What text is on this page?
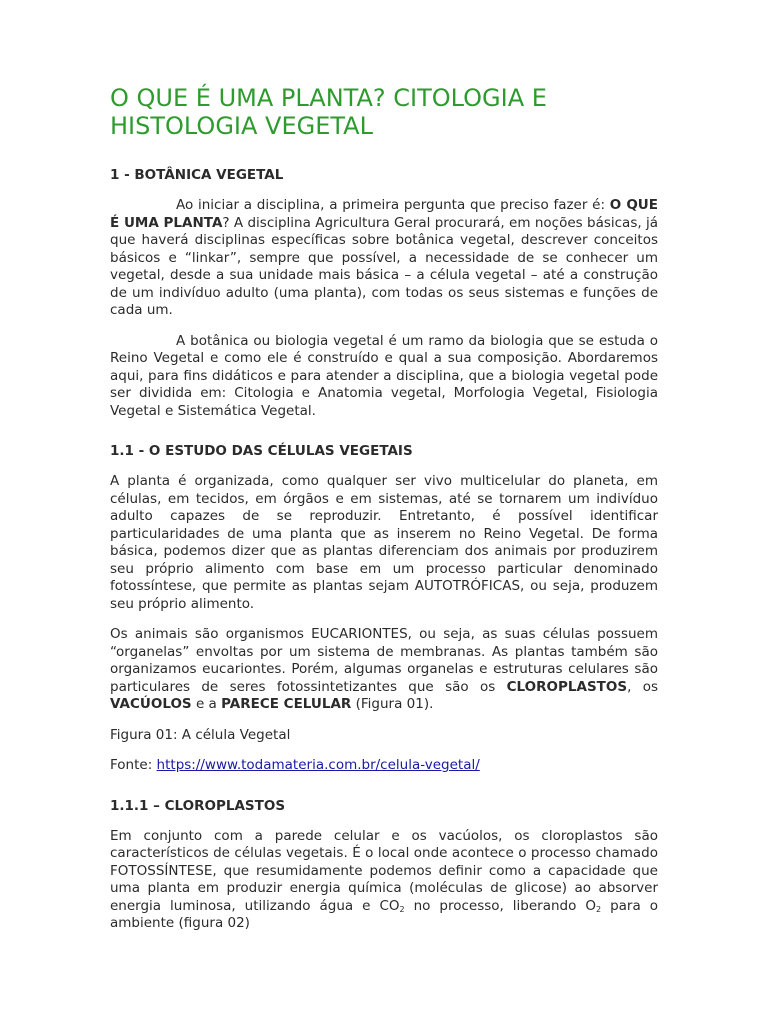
O QUE É UMA PLANTA? CITOLOGIA E HISTOLOGIA VEGETAL
1 - BOTÂNICA VEGETAL

Ao iniciar a disciplina, a primeira pergunta que preciso fazer é: O QUE É UMA PLANTA? A disciplina Agricultura Geral procurará, em noções básicas, já que haverá disciplinas específicas sobre botânica vegetal, descrever conceitos básicos e “linkar”, sempre que possível, a necessidade de se conhecer um vegetal, desde a sua unidade mais básica – a célula vegetal – até a construção de um indivíduo adulto (uma planta), com todas os seus sistemas e funções de cada um.

A botânica ou biologia vegetal é um ramo da biologia que se estuda o Reino Vegetal e como ele é construído e qual a sua composição. Abordaremos aqui, para fins didáticos e para atender a disciplina, que a biologia vegetal pode ser dividida em: Citologia e Anatomia vegetal, Morfologia Vegetal, Fisiologia Vegetal e Sistemática Vegetal.

1.1 - O ESTUDO DAS CÉLULAS VEGETAIS

A planta é organizada, como qualquer ser vivo multicelular do planeta, em células, em tecidos, em órgãos e em sistemas, até se tornarem um indivíduo adulto capazes de se reproduzir. Entretanto, é possível identificar particularidades de uma planta que as inserem no Reino Vegetal. De forma básica, podemos dizer que as plantas diferenciam dos animais por produzirem seu próprio alimento com base em um processo particular denominado fotossíntese, que permite as plantas sejam AUTOTRÓFICAS, ou seja, produzem seu próprio alimento.

Os animais são organismos EUCARIONTES, ou seja, as suas células possuem “organelas” envoltas por um sistema de membranas. As plantas também são organizamos eucariontes. Porém, algumas organelas e estruturas celulares são particulares de seres fotossintetizantes que são os CLOROPLASTOS, os VACÚOLOS e a PARECE CELULAR (Figura 01).

Figura 01: A célula Vegetal

Fonte: https://www.todamateria.com.br/celula-vegetal/

1.1.1 – CLOROPLASTOS

Em conjunto com a parede celular e os vacúolos, os cloroplastos são característicos de células vegetais. É o local onde acontece o processo chamado FOTOSSÍNTESE, que resumidamente podemos definir como a capacidade que uma planta em produzir energia química (moléculas de glicose) ao absorver energia luminosa, utilizando água e $CO_2$ no processo, liberando $O_2$ para o ambiente (figura 02)
